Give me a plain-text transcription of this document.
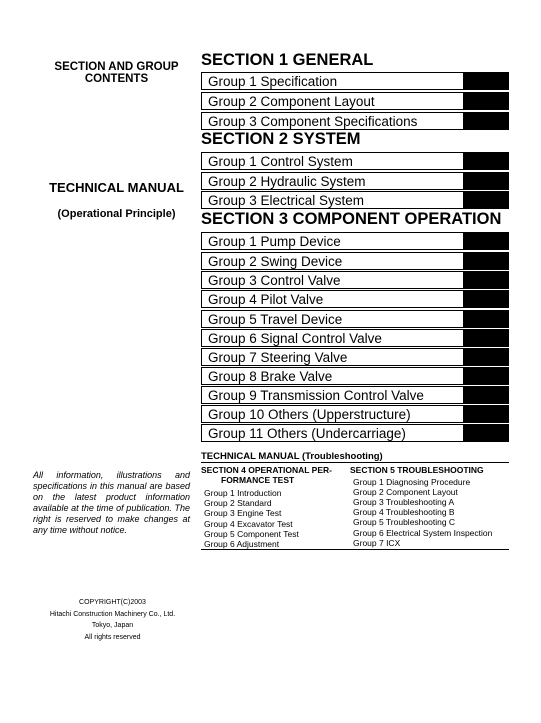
SECTION AND GROUP
CONTENTS
TECHNICAL MANUAL
(Operational Principle)
All information, illustrations and specifications in this manual are based on the latest product information available at the time of publication. The right is reserved to make changes at any time without notice.
COPYRIGHT(C)2003
Hitachi Construction Machinery Co., Ltd.
Tokyo, Japan
All rights reserved
SECTION 1 GENERAL
Group 1 Specification
Group 2 Component Layout
Group 3 Component Specifications
SECTION 2 SYSTEM
Group 1 Control System
Group 2 Hydraulic System
Group 3 Electrical System
SECTION 3 COMPONENT OPERATION
Group 1 Pump Device
Group 2 Swing Device
Group 3 Control Valve
Group 4 Pilot Valve
Group 5 Travel Device
Group 6 Signal Control Valve
Group 7 Steering Valve
Group 8 Brake Valve
Group 9 Transmission Control Valve
Group 10 Others (Upperstructure)
Group 11 Others (Undercarriage)
TECHNICAL MANUAL (Troubleshooting)
SECTION 4 OPERATIONAL PER-
FORMANCE TEST
Group 1 Introduction
Group 2 Standard
Group 3 Engine Test
Group 4 Excavator Test
Group 5 Component Test
Group 6 Adjustment
SECTION 5 TROUBLESHOOTING
Group 1 Diagnosing Procedure
Group 2 Component Layout
Group 3 Troubleshooting A
Group 4 Troubleshooting B
Group 5 Troubleshooting C
Group 6 Electrical System Inspection
Group 7 ICX
